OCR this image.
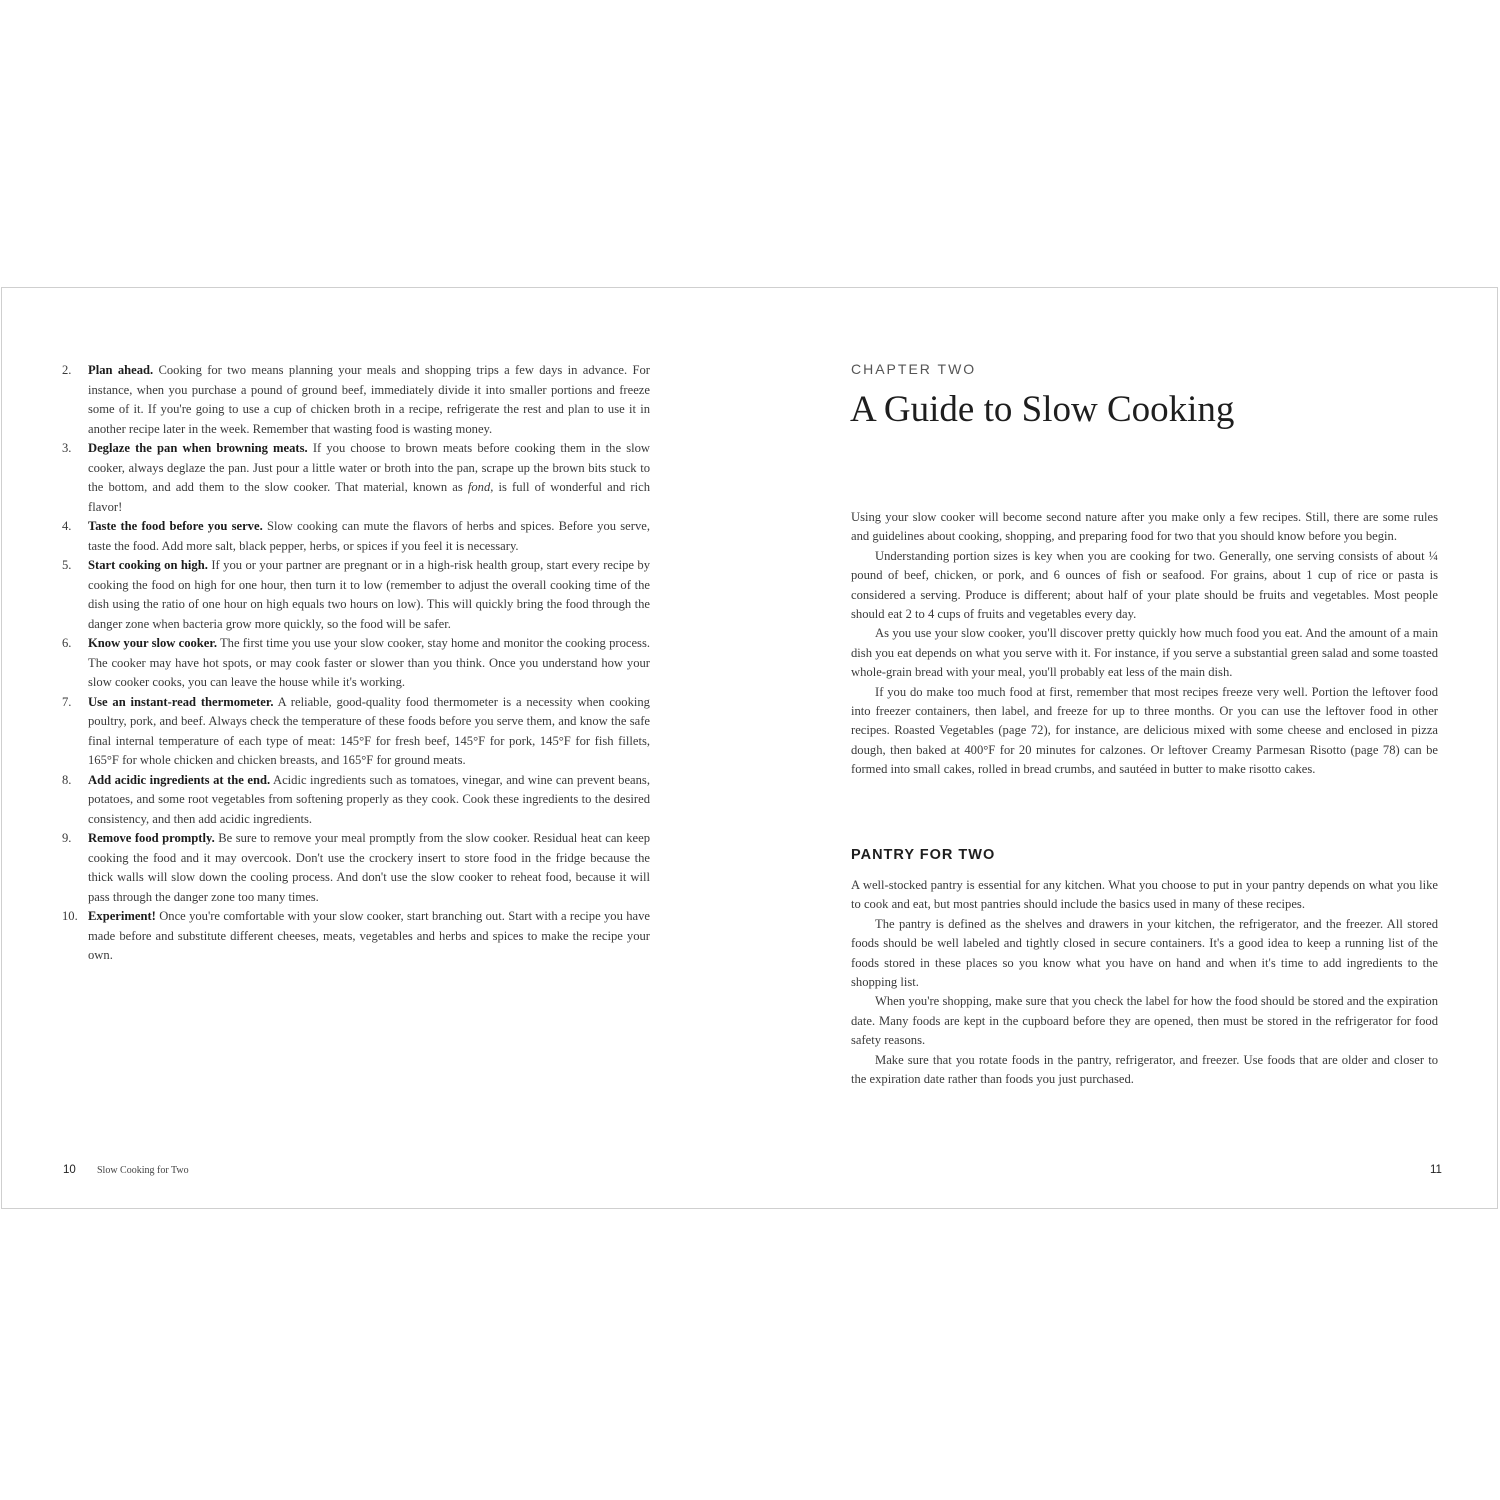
2.	Plan ahead. Cooking for two means planning your meals and shopping trips a few days in advance. For instance, when you purchase a pound of ground beef, immediately divide it into smaller portions and freeze some of it. If you're going to use a cup of chicken broth in a recipe, refrigerate the rest and plan to use it in another recipe later in the week. Remember that wasting food is wasting money.
3.	Deglaze the pan when browning meats. If you choose to brown meats before cooking them in the slow cooker, always deglaze the pan. Just pour a little water or broth into the pan, scrape up the brown bits stuck to the bottom, and add them to the slow cooker. That material, known as fond, is full of wonderful and rich flavor!
4.	Taste the food before you serve. Slow cooking can mute the flavors of herbs and spices. Before you serve, taste the food. Add more salt, black pepper, herbs, or spices if you feel it is necessary.
5.	Start cooking on high. If you or your partner are pregnant or in a high-risk health group, start every recipe by cooking the food on high for one hour, then turn it to low (remember to adjust the overall cooking time of the dish using the ratio of one hour on high equals two hours on low). This will quickly bring the food through the danger zone when bacteria grow more quickly, so the food will be safer.
6.	Know your slow cooker. The first time you use your slow cooker, stay home and monitor the cooking process. The cooker may have hot spots, or may cook faster or slower than you think. Once you understand how your slow cooker cooks, you can leave the house while it's working.
7.	Use an instant-read thermometer. A reliable, good-quality food thermometer is a necessity when cooking poultry, pork, and beef. Always check the temperature of these foods before you serve them, and know the safe final internal temperature of each type of meat: 145°F for fresh beef, 145°F for pork, 145°F for fish fillets, 165°F for whole chicken and chicken breasts, and 165°F for ground meats.
8.	Add acidic ingredients at the end. Acidic ingredients such as tomatoes, vinegar, and wine can prevent beans, potatoes, and some root vegetables from softening properly as they cook. Cook these ingredients to the desired consistency, and then add acidic ingredients.
9.	Remove food promptly. Be sure to remove your meal promptly from the slow cooker. Residual heat can keep cooking the food and it may overcook. Don't use the crockery insert to store food in the fridge because the thick walls will slow down the cooling process. And don't use the slow cooker to reheat food, because it will pass through the danger zone too many times.
10. Experiment! Once you're comfortable with your slow cooker, start branching out. Start with a recipe you have made before and substitute different cheeses, meats, vegetables and herbs and spices to make the recipe your own.
10 Slow Cooking for Two
CHAPTER TWO
A Guide to Slow Cooking

Using your slow cooker will become second nature after you make only a few recipes. Still, there are some rules and guidelines about cooking, shopping, and preparing food for two that you should know before you begin.

Understanding portion sizes is key when you are cooking for two. Generally, one serving consists of about ¼ pound of beef, chicken, or pork, and 6 ounces of fish or seafood. For grains, about 1 cup of rice or pasta is considered a serving. Produce is different; about half of your plate should be fruits and vegetables. Most people should eat 2 to 4 cups of fruits and vegetables every day.

As you use your slow cooker, you'll discover pretty quickly how much food you eat. And the amount of a main dish you eat depends on what you serve with it. For instance, if you serve a substantial green salad and some toasted whole-grain bread with your meal, you'll probably eat less of the main dish.

If you do make too much food at first, remember that most recipes freeze very well. Portion the leftover food into freezer containers, then label, and freeze for up to three months. Or you can use the leftover food in other recipes. Roasted Vegetables (page 72), for instance, are delicious mixed with some cheese and enclosed in pizza dough, then baked at 400°F for 20 minutes for calzones. Or leftover Creamy Parmesan Risotto (page 78) can be formed into small cakes, rolled in bread crumbs, and sautéed in butter to make risotto cakes.

PANTRY FOR TWO

A well-stocked pantry is essential for any kitchen. What you choose to put in your pantry depends on what you like to cook and eat, but most pantries should include the basics used in many of these recipes.

The pantry is defined as the shelves and drawers in your kitchen, the refrigerator, and the freezer. All stored foods should be well labeled and tightly closed in secure containers. It's a good idea to keep a running list of the foods stored in these places so you know what you have on hand and when it's time to add ingredients to the shopping list.

When you're shopping, make sure that you check the label for how the food should be stored and the expiration date. Many foods are kept in the cupboard before they are opened, then must be stored in the refrigerator for food safety reasons.

Make sure that you rotate foods in the pantry, refrigerator, and freezer. Use foods that are older and closer to the expiration date rather than foods you just purchased.

11
